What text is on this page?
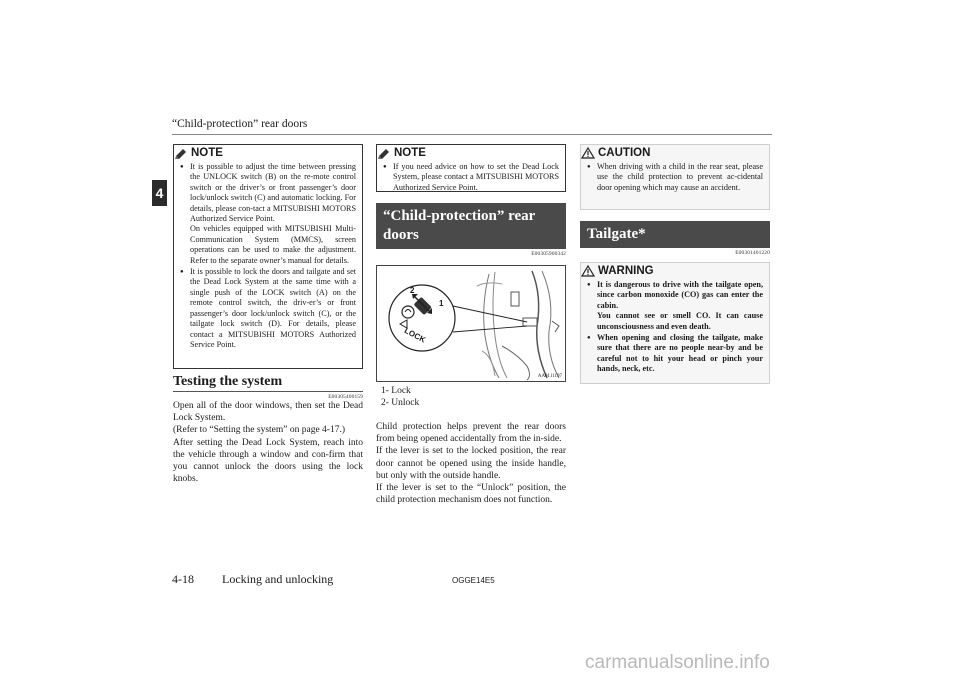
“Child-protection” rear doors
4
NOTE
● It is possible to adjust the time between pressing the UNLOCK switch (B) on the re-mote control switch or the driver’s or front passenger’s door lock/unlock switch (C) and automatic locking. For details, please con-tact a MITSUBISHI MOTORS Authorized Service Point.

On vehicles equipped with MITSUBISHI Multi-Communication System (MMCS), screen operations can be used to make the adjustment. Refer to the separate owner’s manual for details.

● It is possible to lock the doors and tailgate and set the Dead Lock System at the same time with a single push of the LOCK switch (A) on the remote control switch, the driv-er’s or front passenger’s door lock/unlock switch (C), or the tailgate lock switch (D). For details, please contact a MITSUBISHI MOTORS Authorized Service Point.

Testing the system
E00305400159

Open all of the door windows, then set the Dead Lock System.

(Refer to “Setting the system” on page 4-17.)

After setting the Dead Lock System, reach into the vehicle through a window and con-firm that you cannot unlock the doors using the lock knobs.

NOTE
● If you need advice on how to set the Dead Lock System, please contact a MITSUBISHI MOTORS Authorized Service Point.

“Child-protection” rear doors
E00305900342
2
1
LOCK
AA0111197
1- Lock
2- Unlock

Child protection helps prevent the rear doors from being opened accidentally from the in-side.

If the lever is set to the locked position, the rear door cannot be opened using the inside handle, but only with the outside handle.

If the lever is set to the “Unlock” position, the child protection mechanism does not function.

CAUTION
● When driving with a child in the rear seat, please use the child protection to prevent ac-cidental door opening which may cause an accident.

Tailgate*
E00301401220
WARNING
● It is dangerous to drive with the tailgate open, since carbon monoxide (CO) gas can enter the cabin.

You cannot see or smell CO. It can cause unconsciousness and even death.

● When opening and closing the tailgate, make sure that there are no people near-by and be careful not to hit your head or pinch your hands, neck, etc.

4-18 Locking and unlocking	OGGE14E5
carmanualsonline.info
